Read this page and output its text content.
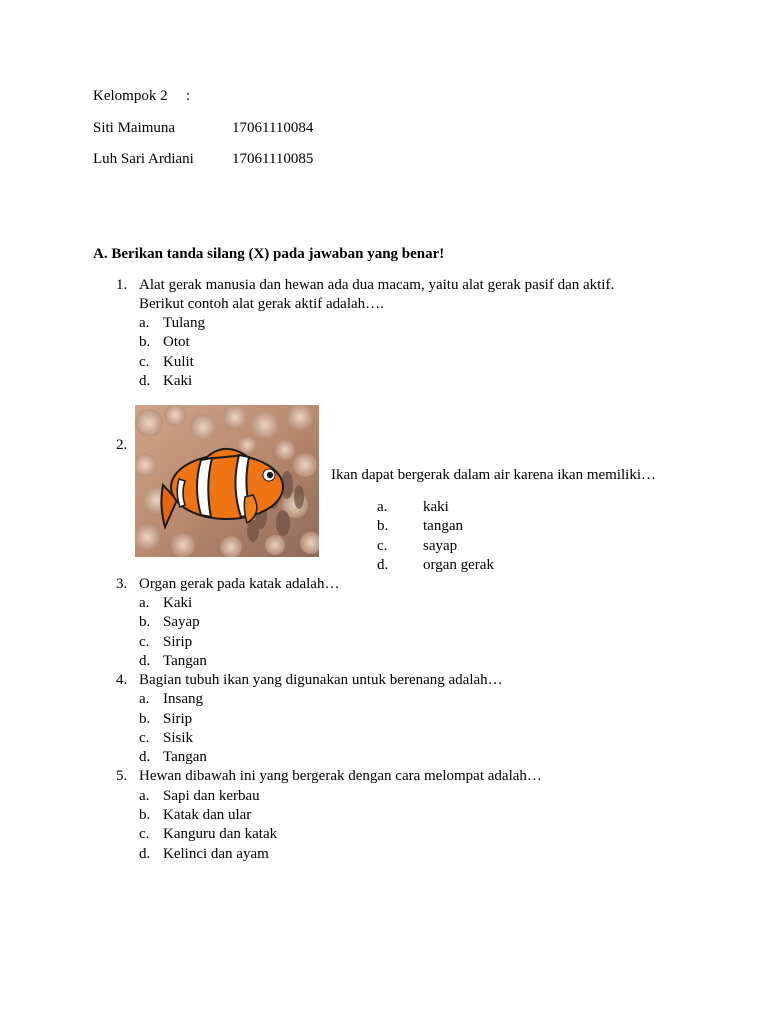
Kelompok 2 :
Siti Maimuna	17061110084
Luh Sari Ardiani	17061110085
A. Berikan tanda silang (X) pada jawaban yang benar!
1. Alat gerak manusia dan hewan ada dua macam, yaitu alat gerak pasif dan aktif.
Berikut contoh alat gerak aktif adalah….
a. Tulang
b. Otot
c. Kulit
d. Kaki
2.
Ikan dapat bergerak dalam air karena ikan memiliki…
a. kaki
b. tangan
c. sayap
d. organ gerak
3. Organ gerak pada katak adalah…
a. Kaki
b. Sayap
c. Sirip
d. Tangan
4. Bagian tubuh ikan yang digunakan untuk berenang adalah…
a. Insang
b. Sirip
c. Sisik
d. Tangan
5. Hewan dibawah ini yang bergerak dengan cara melompat adalah…
a. Sapi dan kerbau
b. Katak dan ular
c. Kanguru dan katak
d. Kelinci dan ayam
